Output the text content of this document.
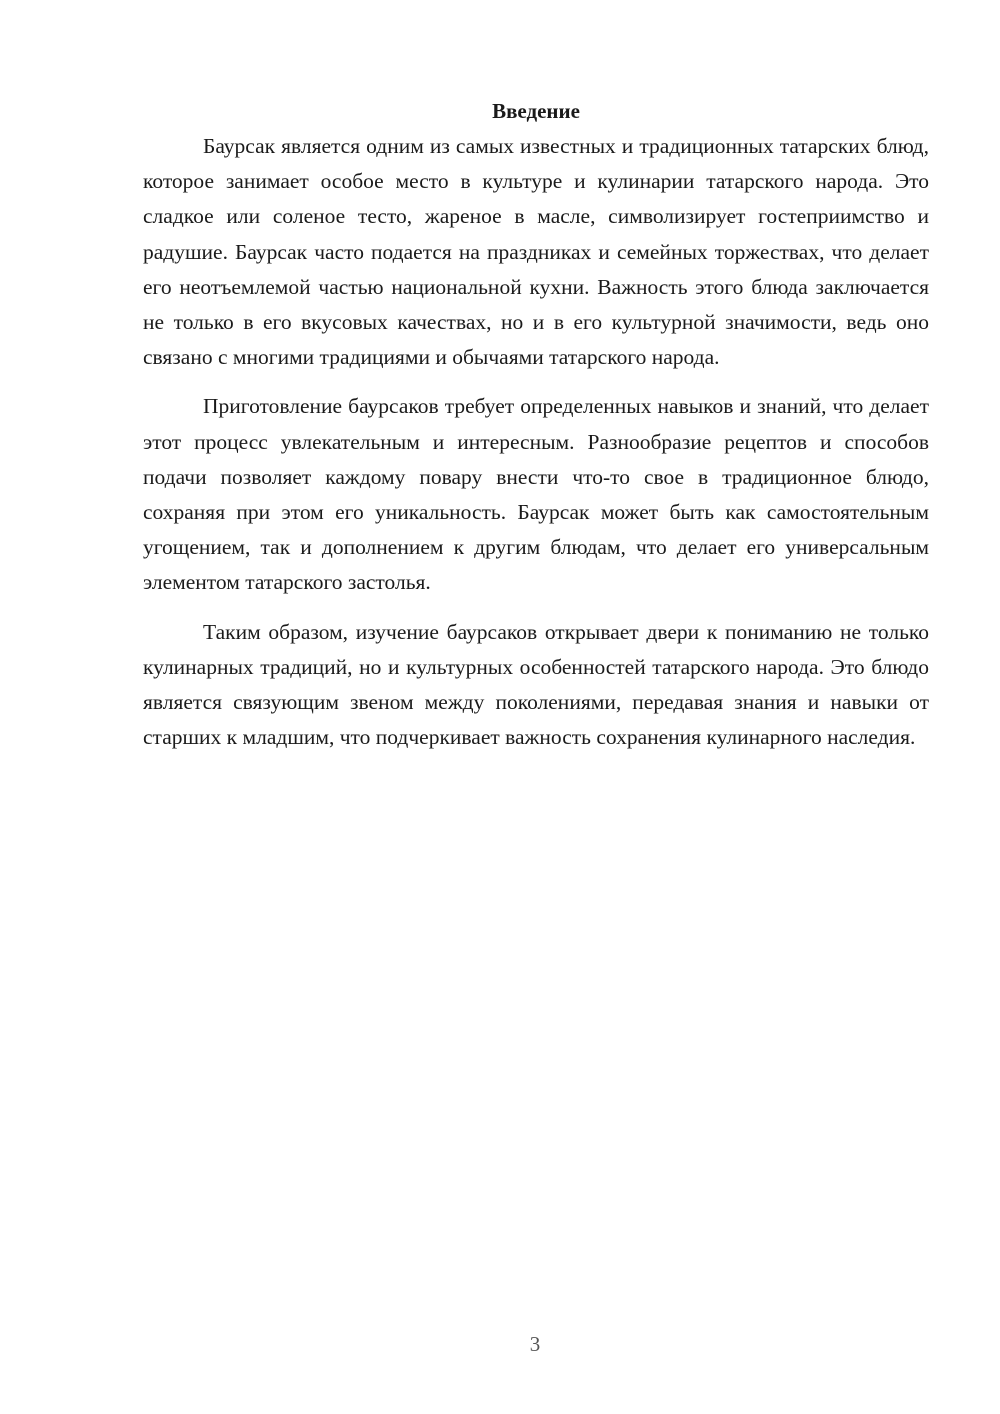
Введение

Баурсак является одним из самых известных и традиционных татарских блюд, которое занимает особое место в культуре и кулинарии татарского народа. Это сладкое или соленое тесто, жареное в масле, символизирует гостеприимство и радушие. Баурсак часто подается на праздниках и семейных торжествах, что делает его неотъемлемой частью национальной кухни. Важность этого блюда заключается не только в его вкусовых качествах, но и в его культурной значимости, ведь оно связано с многими традициями и обычаями татарского народа.

Приготовление баурсаков требует определенных навыков и знаний, что делает этот процесс увлекательным и интересным. Разнообразие рецептов и способов подачи позволяет каждому повару внести что-то свое в традиционное блюдо, сохраняя при этом его уникальность. Баурсак может быть как самостоятельным угощением, так и дополнением к другим блюдам, что делает его универсальным элементом татарского застолья.

Таким образом, изучение баурсаков открывает двери к пониманию не только кулинарных традиций, но и культурных особенностей татарского народа. Это блюдо является связующим звеном между поколениями, передавая знания и навыки от старших к младшим, что подчеркивает важность сохранения кулинарного наследия.

3
